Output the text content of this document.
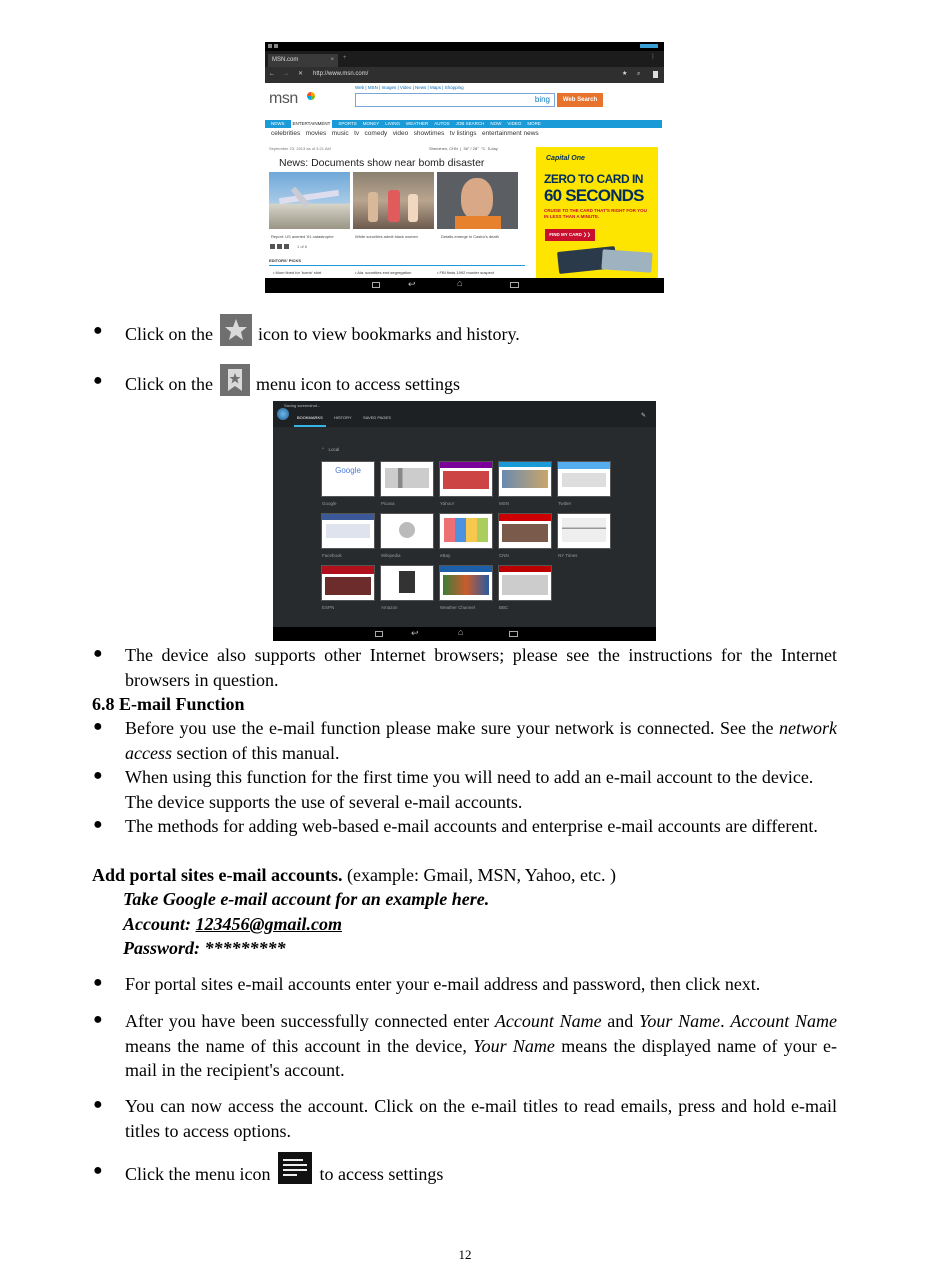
MSN.com	× +	⋮
← → ✕ http://www.msn.com/	★ ⌕
Web | MSN | Images | Video | News | Maps | Shopping
msn	bing	Web Search
NEWS	ENTERTAINMENT	SPORTS MONEY LIVING WEATHER AUTOS JOB SEARCH NOW VIDEO MORE
celebrities   movies   music   tv   comedy   video   showtimes   tv listings   entertainment news
September 23, 2013 as of 3:21 AM	Shenzhen, CHN  |  36° / 28°  °C  5-day
News: Documents show near bomb disaster
Report: US averted '61 catastrophe	White sororities admit black women	Details emerge in Castro's death
1 of 6
EDITORS' PICKS
• Mom fined for 'bomb' shirt	• Ala. sororities end segregation	• FBI finds 1992 murder suspect
Capital One
ZERO TO CARD IN
60 SECONDS
CRUISE TO THE CARD THAT'S RIGHT FOR YOU IN LESS THAN A MINUTE.
FIND MY CARD ❯❯
↩	⌂
● Click on the	icon to view bookmarks and history.
● Click on the menu icon to access settings
Saving screenshot...
BOOKMARKS	HISTORY	SAVED PAGES	✎
⌃   Local
Google
Google	Picasa	Yahoo!	MSN	Twitter
Facebook	Wikipedia	eBay	CNN	NY Times
ESPN	Amazon	Weather Channel	BBC
↩	⌂
● The device also supports other Internet browsers; please see the instructions for the Internet browsers in question.
6.8 E-mail Function
● Before you use the e-mail function please make sure your network is connected. See the network access section of this manual.
● When using this function for the first time you will need to add an e-mail account to the device. The device supports the use of several e-mail accounts.
● The methods for adding web-based e-mail accounts and enterprise e-mail accounts are different.
Add portal sites e-mail accounts. (example: Gmail, MSN, Yahoo, etc. )
Take Google e-mail account for an example here.
Account: 123456@gmail.com
Password: *********
● For portal sites e-mail accounts enter your e-mail address and password, then click next.
● After you have been successfully connected enter Account Name and Your Name. Account Name means the name of this account in the device, Your Name means the displayed name of your e-mail in the recipient's account.
● You can now access the account. Click on the e-mail titles to read emails, press and hold e-mail titles to access options.
● Click the menu icon	to access settings
12
